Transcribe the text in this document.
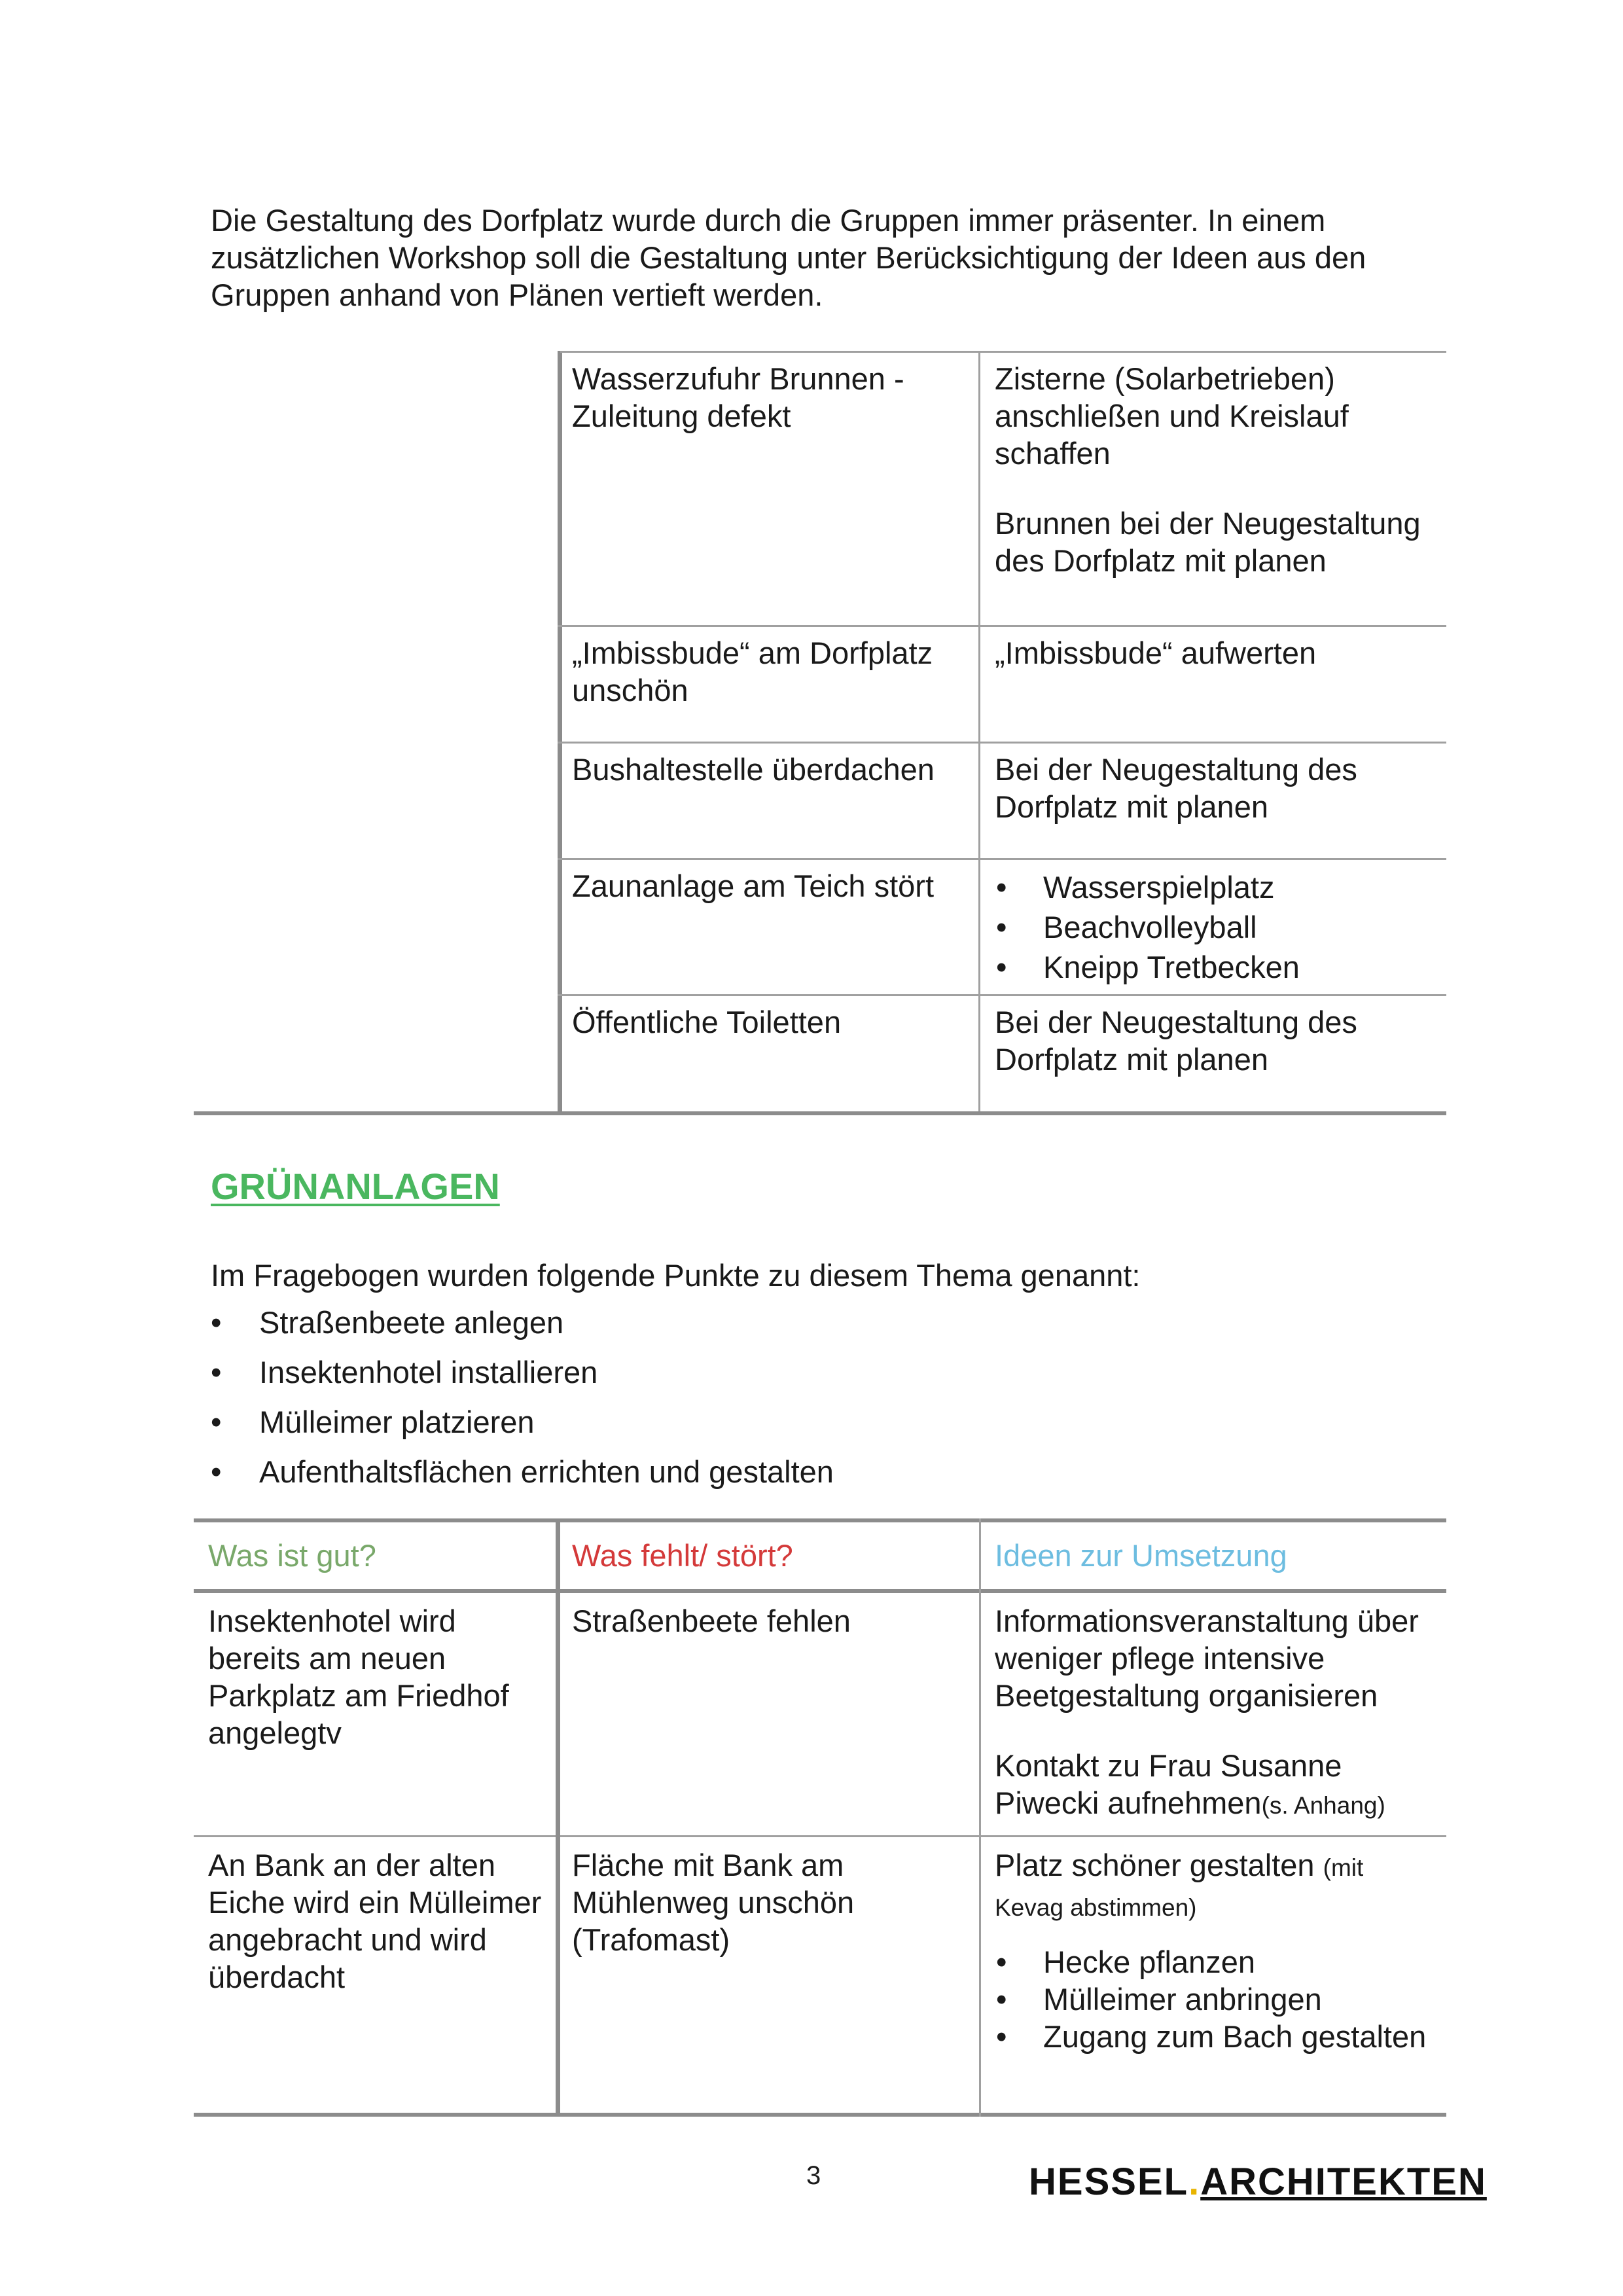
Die Gestaltung des Dorfplatz wurde durch die Gruppen immer präsenter. In einem zusätzlichen Workshop soll die Gestaltung unter Berücksichtigung der Ideen aus den Gruppen anhand von Plänen vertieft werden.

Wasserzufuhr Brunnen - Zuleitung defekt

Zisterne (Solarbetrieben) anschließen und Kreislauf schaffen

Brunnen bei der Neugestaltung des Dorfplatz mit planen

„Imbissbude“ am Dorfplatz unschön

„Imbissbude“ aufwerten

Bushaltestelle überdachen	Bei der Neugestaltung des Dorfplatz mit planen

Zaunanlage am Teich stört

•	Wasserspielplatz
• Beachvolleyball
• Kneipp Tretbecken

Öffentliche Toiletten	Bei der Neugestaltung des Dorfplatz mit planen

GRÜNANLAGEN

Im Fragebogen wurden folgende Punkte zu diesem Thema genannt:

• Straßenbeete anlegen
• Insektenhotel installieren
• Mülleimer platzieren
• Aufenthaltsflächen errichten und gestalten
Was ist gut?	Was fehlt/ stört?	Ideen zur Umsetzung

Insektenhotel wird bereits am neuen Parkplatz am Friedhof angelegtv

Straßenbeete fehlen	Informationsveranstaltung über weniger pflege intensive Beetgestaltung organisieren

Kontakt zu Frau Susanne Piwecki aufnehmen(s. Anhang)

An Bank an der alten Eiche wird ein Mülleimer angebracht und wird überdacht

Fläche mit Bank am Mühlenweg unschön (Trafomast)

Platz schöner gestalten (mit Kevag abstimmen)

• Hecke pflanzen
• Mülleimer anbringen
• Zugang zum Bach gestalten
3	HESSEL.ARCHITEKTEN
